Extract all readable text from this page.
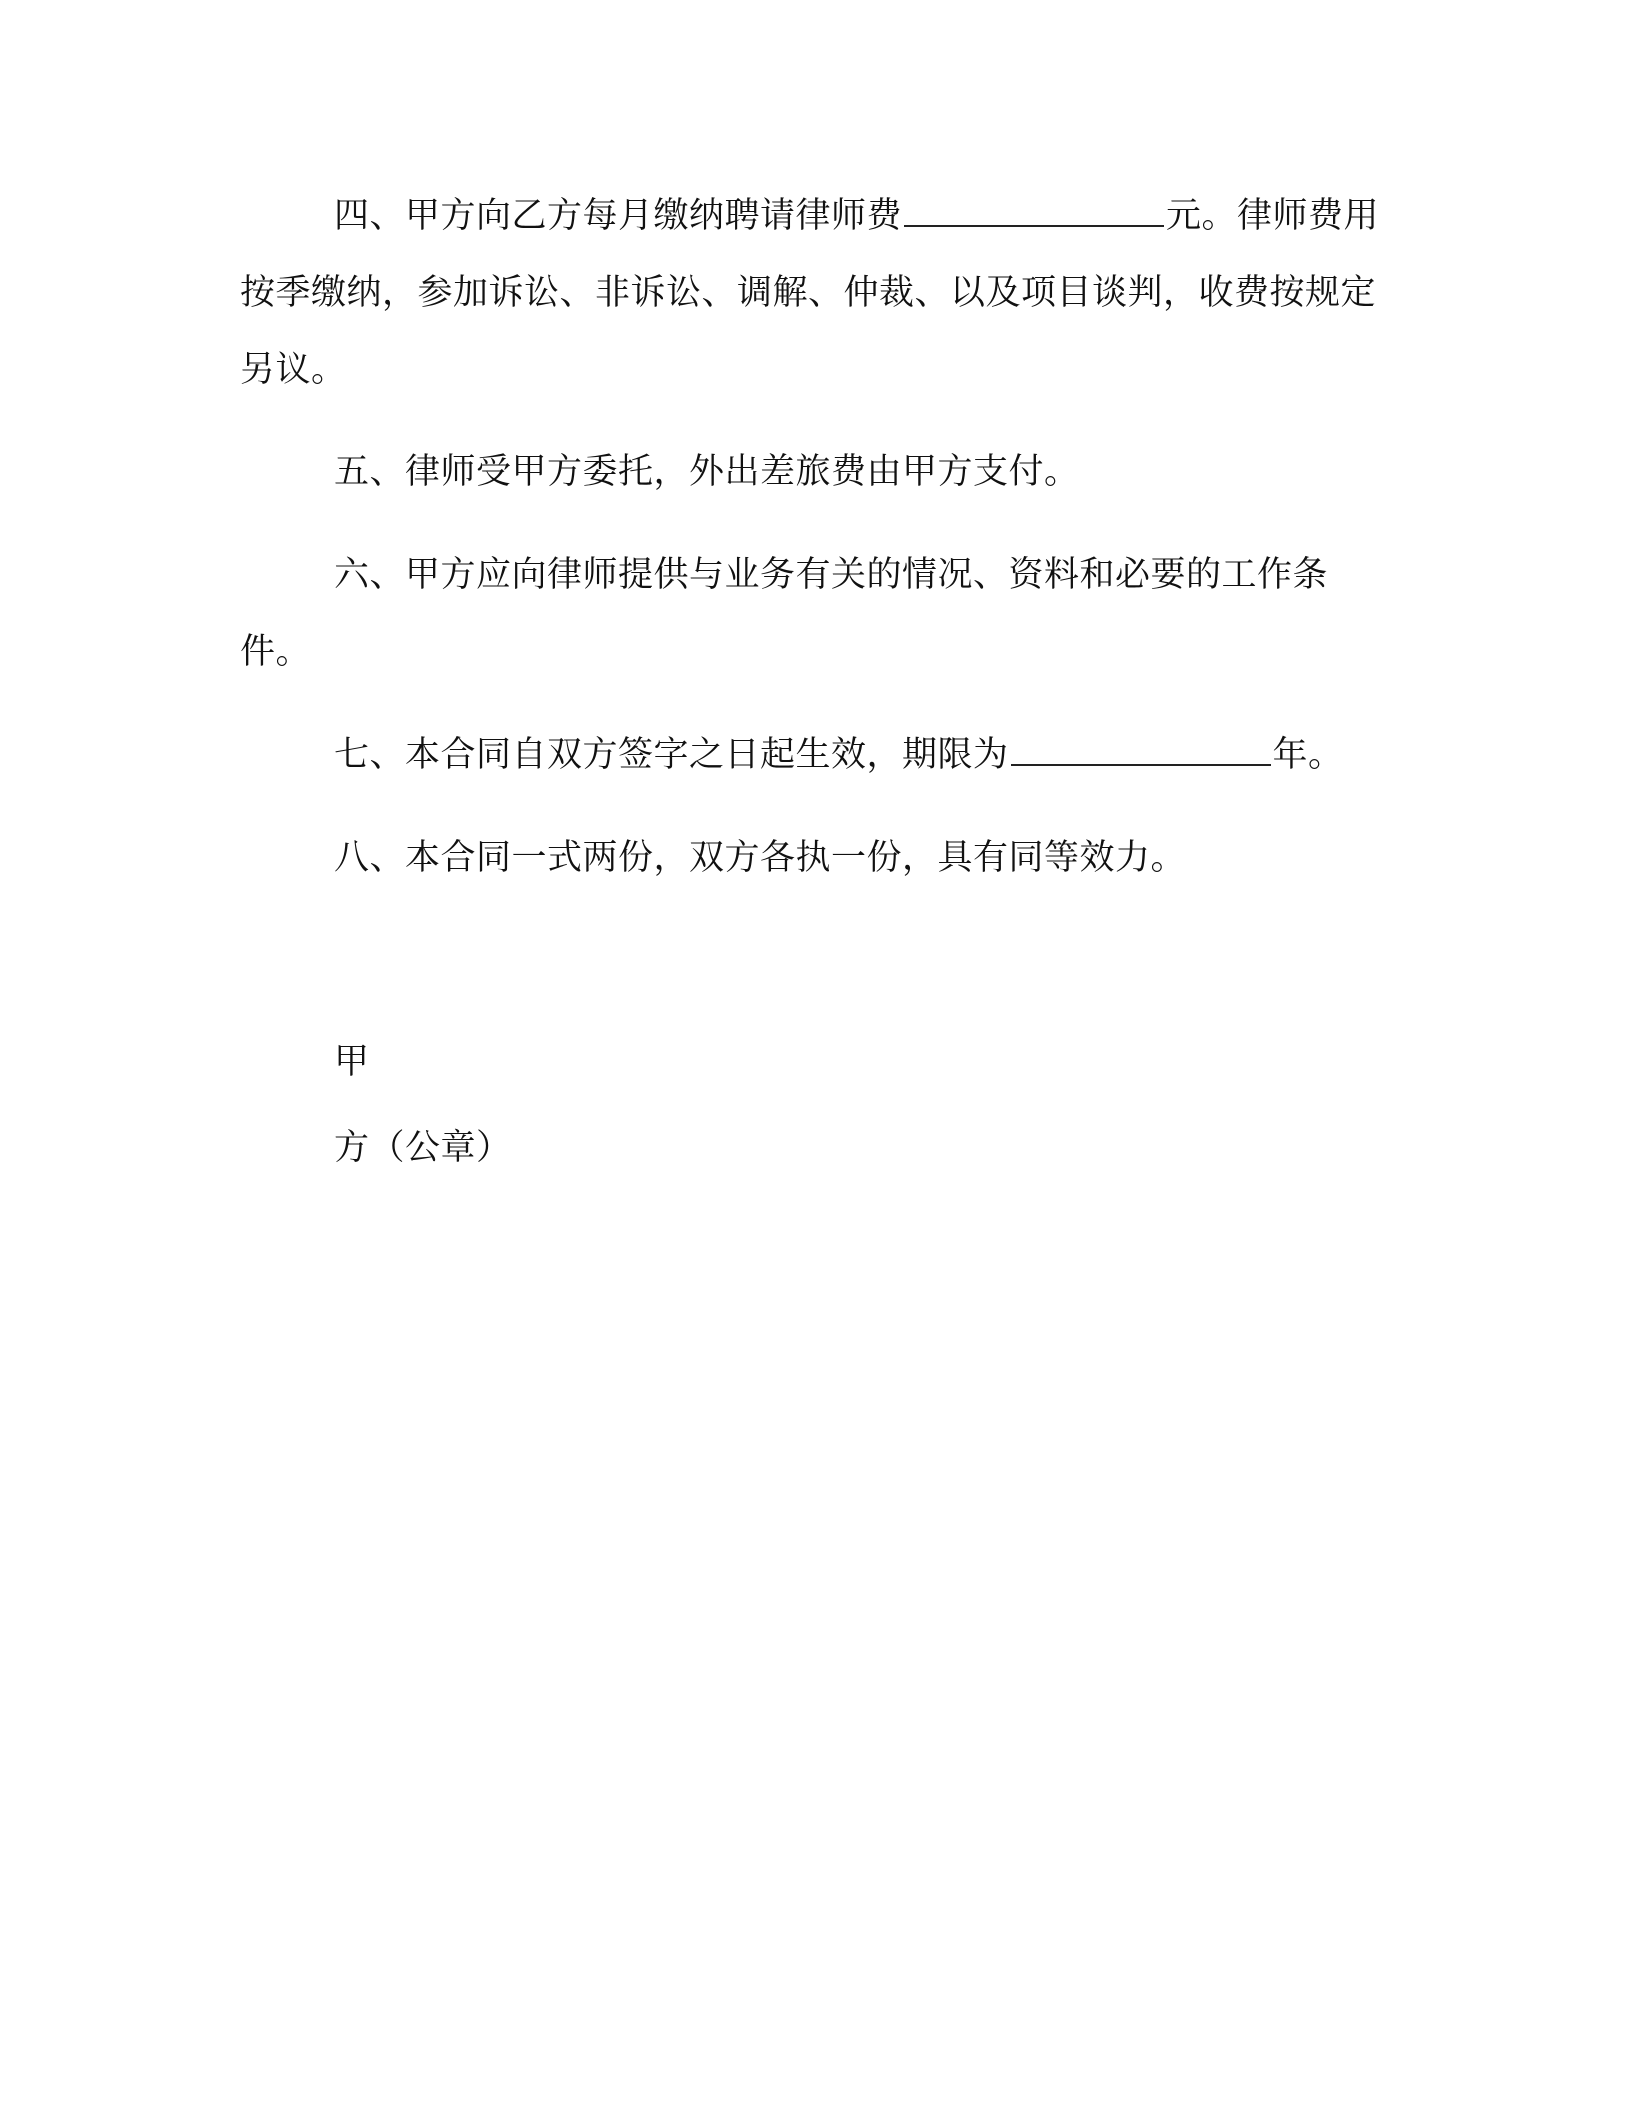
四、甲方向乙方每月缴纳聘请律师费	元。律师费用按季缴纳，参加诉讼、非诉讼、调解、仲裁、以及项目谈判，收费按规定另议。

五、律师受甲方委托，外出差旅费由甲方支付。

六、甲方应向律师提供与业务有关的情况、资料和必要的工作条件。

七、本合同自双方签字之日起生效，期限为	年。

八、本合同一式两份，双方各执一份，具有同等效力。

甲

方（公章）
